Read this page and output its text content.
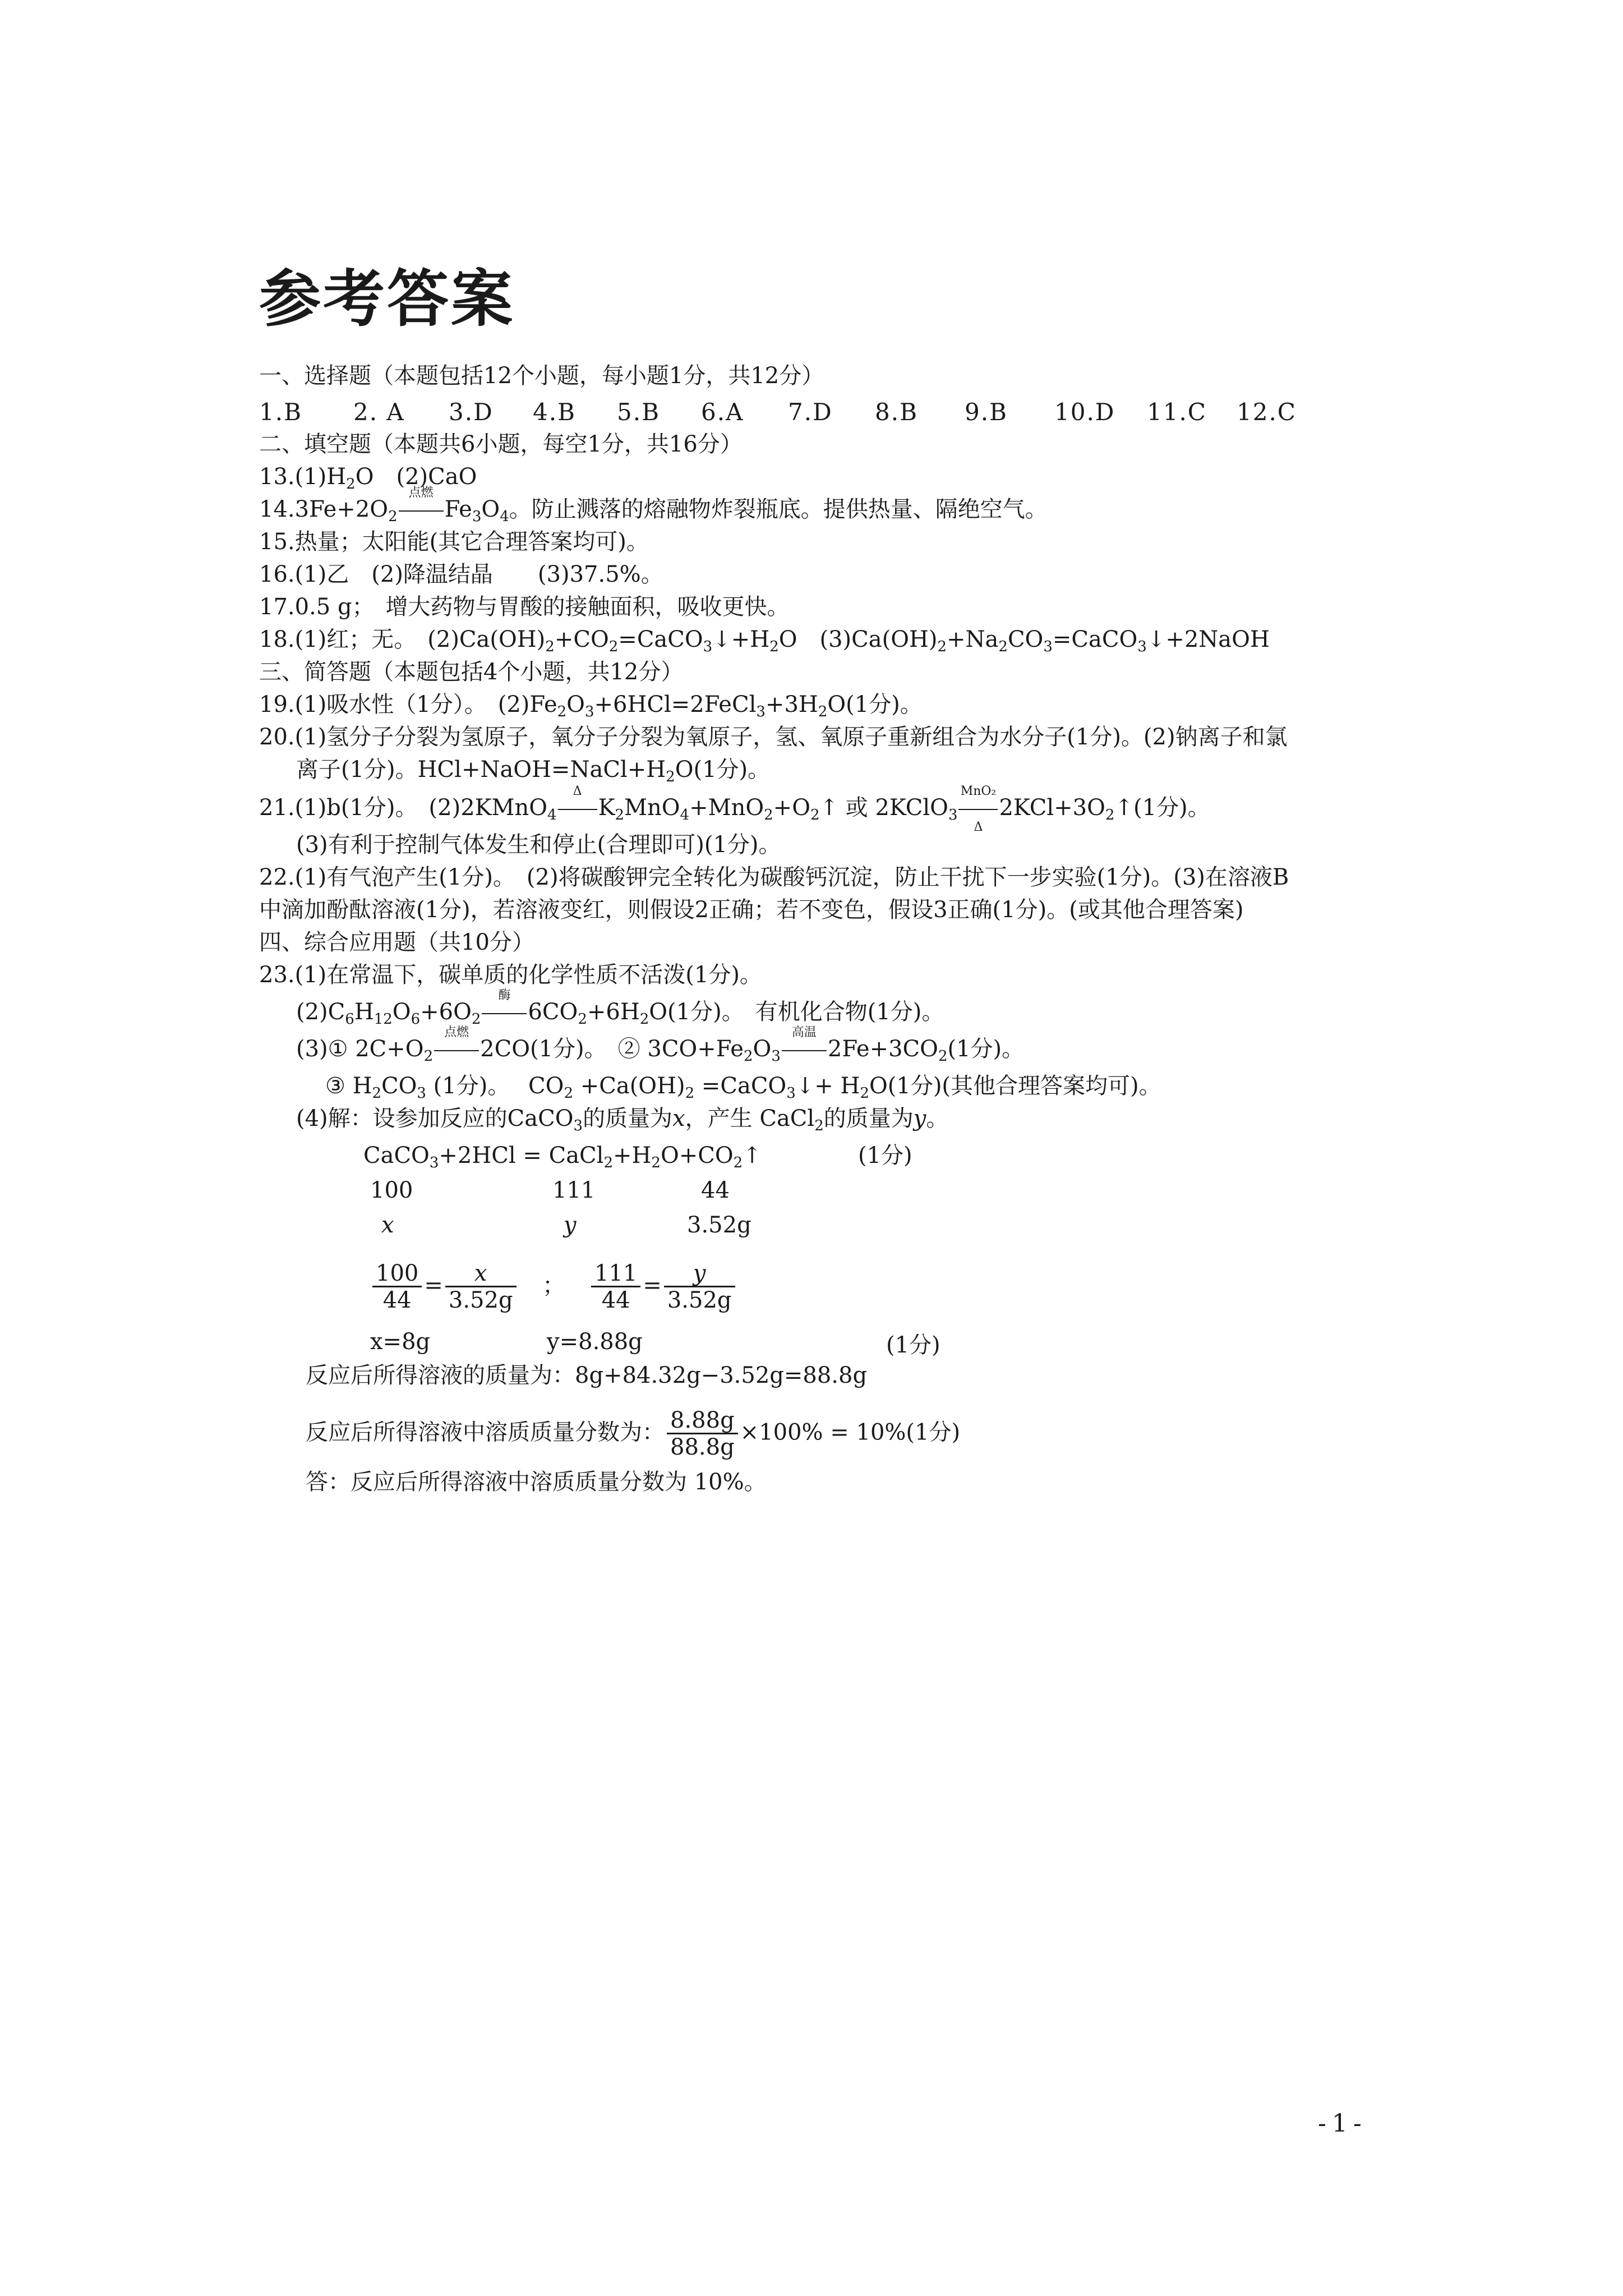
参考答案
一、选择题（本题包括12个小题，每小题1分，共12分）
1.B 2. A 3.D 4.B 5.B 6.A 7.D 8.B 9.B 10.D 11.C 12.C
二、填空题（本题共6小题，每空1分，共16分）
$13.(1)H_2O$　(2)CaO
$14.3Fe+2O_2$
点燃
$Fe_3O_4$。防止溅落的熔融物炸裂瓶底。提供热量、隔绝空气。
15.热量；太阳能(其它合理答案均可)。
16.(1)乙　(2)降温结晶　　(3)37.5%。
17.0.5 g；　增大药物与胃酸的接触面积，吸收更快。
18.(1)红；无。　$(2)Ca(OH)_2+CO_2=CaCO_3↓+H_2O$　$(3)Ca(OH)_2+Na_2CO_3=CaCO_3↓+2NaOH$
三、简答题（本题包括4个小题，共12分）
19.(1)吸水性（1分）。　$(2)Fe_2O_3+6HCl=2FeCl_3+3H_2O(1$分)。
20.(1)氢分子分裂为氢原子，氧分子分裂为氧原子，氢、氧原子重新组合为水分子(1分)。(2)钠离子和氯
离子(1分)。$HCl+NaOH=NaCl+H_2O(1$分)。
21.(1)b(1分)。　(2)2KMnO$_4$
Δ
$K_2MnO_4+MnO_2+O_2↑$ 或 2KClO$_3$
MnO₂
Δ
$2KCl+3O_2↑(1$分)。
(3)有利于控制气体发生和停止(合理即可)(1分)。
22.(1)有气泡产生(1分)。　(2)将碳酸钾完全转化为碳酸钙沉淀，防止干扰下一步实验(1分)。(3)在溶液B
中滴加酚酞溶液(1分)，若溶液变红，则假设2正确；若不变色，假设3正确(1分)。(或其他合理答案)
四、综合应用题（共10分）
23.(1)在常温下，碳单质的化学性质不活泼(1分)。
$(2)C_6H_{12}O_6+6O_2$
酶
$6CO_2+6H_2O(1$分)。　有机化合物(1分)。
(3)① $2C+O_2$
点燃
2CO(1分)。　② $3CO+Fe_2O_3$
高温
$2Fe+3CO_2(1$分)。
③ $H_2CO_3$ (1分)。　 $CO_2 +Ca(OH)_2$ =CaCO$_3$↓+ $H_2O(1$分)(其他合理答案均可)。
(4)解：设参加反应的CaCO$_3$的质量为x，产生 CaCl$_2$的质量为y。
CaCO$_3$+2HCl = $CaCl_2+H_2O+CO_2↑$	(1分)
100	111	44
x	y	3.52g
$\frac{100}{44} = \frac{x}{3.52g}$ ； $\frac{111}{44} = \frac{y}{3.52g}$
x=8g	y=8.88g	(1分)
反应后所得溶液的质量为：8g+84.32g−3.52g=88.8g
反应后所得溶液中溶质质量分数为： $\frac{8.88g}{88.8g} \times 100\% = 10\%(1$分)
答：反应后所得溶液中溶质质量分数为 10%。
-1-
